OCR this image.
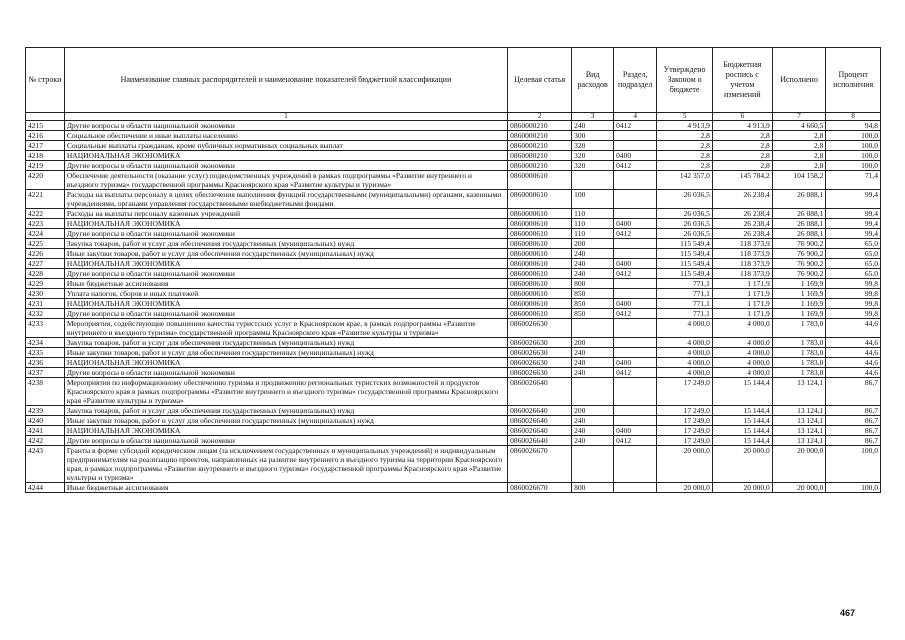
№ строки	Наименование главных распорядителей и наименование показателей бюджетной классификации	Целевая статья	Вид расходов	Раздел, подраздел	Утверждено Законом о бюджете	Бюджетная роспись с учетом изменений	Исполнено	Процент исполнения
	1	2	3	4	5	6	7	8
4215	Другие вопросы в области национальной экономики	0860000210	240	0412	4 913,9	4 913,9	4 660,5	94,8
4216	Социальное обеспечение и иные выплаты населению	0860000210	300		2,8	2,8	2,8	100,0
4217	Социальные выплаты гражданам, кроме публичных нормативных социальных выплат	0860000210	320		2,8	2,8	2,8	100,0
4218	НАЦИОНАЛЬНАЯ ЭКОНОМИКА	0860000210	320	0400	2,8	2,8	2,8	100,0
4219	Другие вопросы в области национальной экономики	0860000210	320	0412	2,8	2,8	2,8	100,0
4220	Обеспечение деятельности (оказание услуг) подведомственных учреждений в рамках подпрограммы «Развитие внутреннего и въездного туризма» государственной программы Красноярского края «Развитие культуры и туризма»	0860000610			142 357,0	145 784,2	104 158,2	71,4
4221	Расходы на выплаты персоналу в целях обеспечения выполнения функций государственными (муниципальными) органами, казенными учреждениями, органами управления государственными внебюджетными фондами	0860000610	100		26 036,5	26 238,4	26 088,1	99,4
4222	Расходы на выплаты персоналу казенных учреждений	0860000610	110		26 036,5	26 238,4	26 088,1	99,4
4223	НАЦИОНАЛЬНАЯ ЭКОНОМИКА	0860000610	110	0400	26 036,5	26 238,4	26 088,1	99,4
4224	Другие вопросы в области национальной экономики	0860000610	110	0412	26 036,5	26 238,4	26 088,1	99,4
4225	Закупка товаров, работ и услуг для обеспечения государственных (муниципальных) нужд	0860000610	200		115 549,4	118 373,9	76 900,2	65,0
4226	Иные закупки товаров, работ и услуг для обеспечения государственных (муниципальных) нужд	0860000610	240		115 549,4	118 373,9	76 900,2	65,0
4227	НАЦИОНАЛЬНАЯ ЭКОНОМИКА	0860000610	240	0400	115 549,4	118 373,9	76 900,2	65,0
4228	Другие вопросы в области национальной экономики	0860000610	240	0412	115 549,4	118 373,9	76 900,2	65,0
4229	Иные бюджетные ассигнования	0860000610	800		771,1	1 171,9	1 169,9	99,8
4230	Уплата налогов, сборов и иных платежей	0860000610	850		771,1	1 171,9	1 169,9	99,8
4231	НАЦИОНАЛЬНАЯ ЭКОНОМИКА	0860000610	850	0400	771,1	1 171,9	1 169,9	99,8
4232	Другие вопросы в области национальной экономики	0860000610	850	0412	771,1	1 171,9	1 169,9	99,8
4233	Мероприятия, содействующие повышению качества туристских услуг в Красноярском крае, в рамках подпрограммы «Развитие внутреннего и въездного туризма» государственной программы Красноярского края «Развитие культуры и туризма»	0860026630			4 000,0	4 000,0	1 783,0	44,6
4234	Закупка товаров, работ и услуг для обеспечения государственных (муниципальных) нужд	0860026630	200		4 000,0	4 000,0	1 783,0	44,6
4235	Иные закупки товаров, работ и услуг для обеспечения государственных (муниципальных) нужд	0860026630	240		4 000,0	4 000,0	1 783,0	44,6
4236	НАЦИОНАЛЬНАЯ ЭКОНОМИКА	0860026630	240	0400	4 000,0	4 000,0	1 783,0	44,6
4237	Другие вопросы в области национальной экономики	0860026630	240	0412	4 000,0	4 000,0	1 783,0	44,6
4238	Мероприятия по информационному обеспечению туризма и продвижению региональных туристских возможностей и продуктов Красноярского края в рамках подпрограммы «Развитие внутреннего и въездного туризма» государственной программы Красноярского края «Развитие культуры и туризма»	0860026640			17 249,0	15 144,4	13 124,1	86,7
4239	Закупка товаров, работ и услуг для обеспечения государственных (муниципальных) нужд	0860026640	200		17 249,0	15 144,4	13 124,1	86,7
4240	Иные закупки товаров, работ и услуг для обеспечения государственных (муниципальных) нужд	0860026640	240		17 249,0	15 144,4	13 124,1	86,7
4241	НАЦИОНАЛЬНАЯ ЭКОНОМИКА	0860026640	240	0400	17 249,0	15 144,4	13 124,1	86,7
4242	Другие вопросы в области национальной экономики	0860026640	240	0412	17 249,0	15 144,4	13 124,1	86,7
4243	Гранты в форме субсидий юридическим лицам (за исключением государственных и муниципальных учреждений) и индивидуальным предпринимателям на реализацию проектов, направленных на развитие внутреннего и въездного туризма на территории Красноярского края, в рамках подпрограммы «Развитие внутреннего и въездного туризма» государственной программы Красноярского края «Развитие культуры и туризма»	0860026670			20 000,0	20 000,0	20 000,0	100,0
4244	Иные бюджетные ассигнования	0860026670	800		20 000,0	20 000,0	20 000,0	100,0
467
